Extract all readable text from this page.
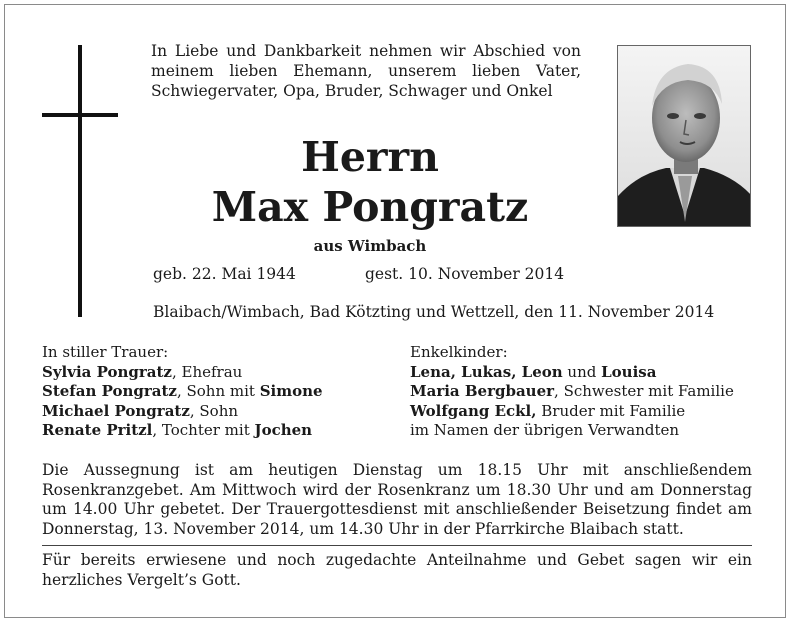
In Liebe und Dankbarkeit nehmen wir Abschied von meinem lieben Ehemann, unserem lieben Vater, Schwiegervater, Opa, Bruder, Schwager und Onkel

Herrn

Max Pongratz

aus Wimbach

geb. 22. Mai 1944	gest. 10. November 2014
Blaibach/Wimbach, Bad Kötzting und Wettzell, den 11. November 2014

In stiller Trauer:

Sylvia Pongratz, Ehefrau

Stefan Pongratz, Sohn mit Simone

Michael Pongratz, Sohn

Renate Pritzl, Tochter mit Jochen

Enkelkinder:

Lena, Lukas, Leon und Louisa

Maria Bergbauer, Schwester mit Familie

Wolfgang Eckl, Bruder mit Familie

im Namen der übrigen Verwandten

Die Aussegnung ist am heutigen Dienstag um 18.15 Uhr mit anschließendem Rosenkranzgebet. Am Mittwoch wird der Rosenkranz um 18.30 Uhr und am Donnerstag um 14.00 Uhr gebetet. Der Trauergottesdienst mit anschließender Beisetzung findet am Donnerstag, 13. November 2014, um 14.30 Uhr in der Pfarrkirche Blaibach statt.

Für bereits erwiesene und noch zugedachte Anteilnahme und Gebet sagen wir ein herzliches Vergelt’s Gott.
